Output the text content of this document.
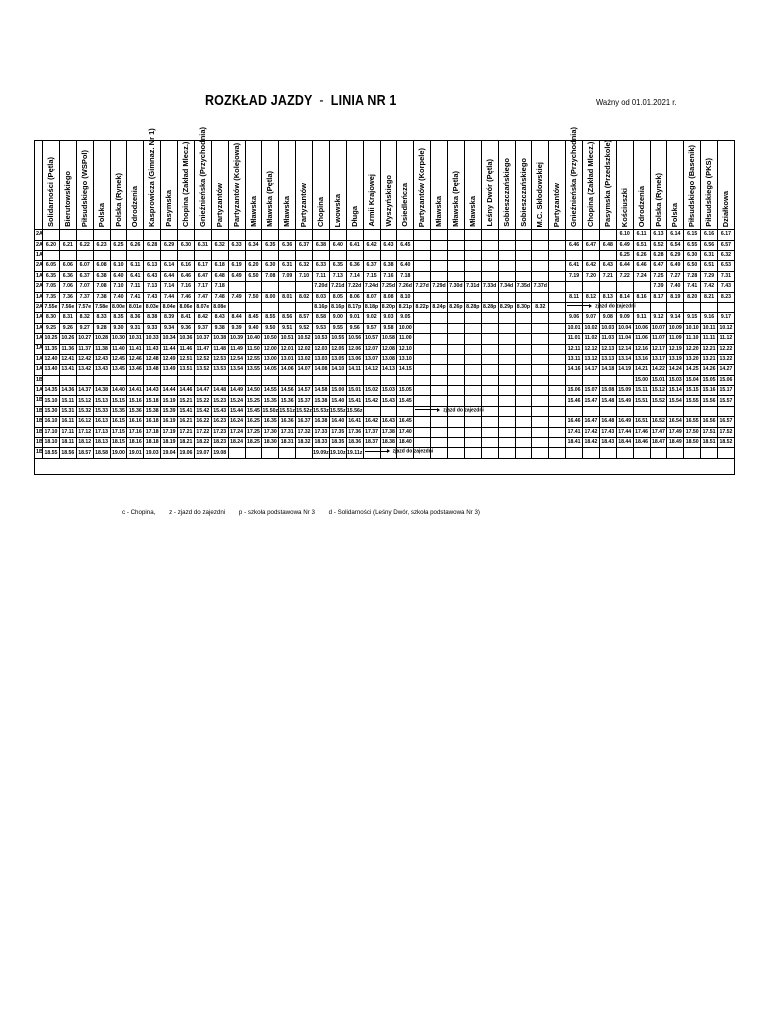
ROZKŁAD JAZDY - LINIA NR 1	Ważny od 01.01.2021 r.
	Solidarności (Pętla)	Bierutowskiego	Piłsudskiego (WSPol)	Polska	Polska (Rynek)	Odrodzenia	Kasprowicza (Gimnaz. Nr 1)	Pasymska	Chopina (Zakład Mlecz.)	Gnieźnieńska (Przychodnia)	Partyzantów	Partyzantów (Kolejowa)	Mławska	Mławska (Pętla)	Mławska	Partyzantów	Chopina	Lwowska	Długa	Armii Krajowej	Wyszyńskiego	Osiedleńcza	Partyzantów (Korpele)	Mławska	Mławska (Pętla)	Mławska	Leśny Dwór (Pętla)	Sobieszczańskiego	Sobieszczańskiego	M.C. Skłodowskiej	Partyzantów	Gnieźnieńska (Przychodnia)	Chopina (Zakład Mlecz.)	Pasymska (Przedszkole)	Kościuszki	Odrodzenia	Polska (Rynek)	Polska	Piłsudskiego (Basenik)	Piłsudskiego (PKS)	Działkowa
2A																																			6.10	6.11	6.13	6.14	6.15	6.16	6.17
2A	6.20	6.21	6.22	6.23	6.25	6.26	6.28	6.29	6.30	6.31	6.32	6.33	6.34	6.35	6.36	6.37	6.38	6.40	6.41	6.42	6.43	6.45										6.46	6.47	6.48	6.49	6.51	6.52	6.54	6.55	6.56	6.57
1A																																			6.25	6.26	6.28	6.29	6.30	6.31	6.32
2A	6.05	6.06	6.07	6.08	6.10	6.11	6.13	6.14	6.16	6.17	6.18	6.19	6.20	6.30	6.31	6.32	6.33	6.35	6.36	6.37	6.38	6.40										6.41	6.42	6.43	6.44	6.46	6.47	6.49	6.50	6.51	6.53
1A	6.35	6.36	6.37	6.38	6.40	6.41	6.43	6.44	6.46	6.47	6.48	6.49	6.50	7.08	7.09	7.10	7.11	7.13	7.14	7.15	7.16	7.18										7.19	7.20	7.21	7.22	7.24	7.25	7.27	7.28	7.29	7.31
2A	7.05	7.06	7.07	7.08	7.10	7.11	7.13	7.14	7.16	7.17	7.18						7.20d	7.21d	7.22d	7.24d	7.25d	7.26d	7.27d	7.29d	7.30d	7.31d	7.33d	7.34d	7.35d	7.37d							7.39	7.40	7.41	7.42	7.43
1A	7.35	7.36	7.37	7.38	7.40	7.41	7.43	7.44	7.46	7.47	7.48	7.49	7.50	8.00	8.01	8.02	8.03	8.05	8.06	8.07	8.08	8.10										8.11	8.12	8.13	8.14	8.16	8.17	8.19	8.20	8.21	8.23
2A	7.55e	7.56e	7.57e	7.58e	8.00e	8.01e	8.03e	8.04e	8.06e	8.07e	8.08e						8.16p	8.16p	8.17p	8.18p	8.20p	8.21p	8.22p	8.24p	8.26p	8.28p	8.28p	8.29p	8.30p	8.32		zjazd do zajezdni									

1A	8.30	8.31	8.32	8.33	8.35	8.36	8.38	8.39	8.41	8.42	8.43	8.44	8.45	8.55	8.56	8.57	8.58	9.00	9.01	9.02	9.03	9.05										9.06	9.07	9.08	9.09	9.11	9.12	9.14	9.15	9.16	9.17
1A	9.25	9.26	9.27	9.28	9.30	9.31	9.33	9.34	9.36	9.37	9.38	9.39	9.40	9.50	9.51	9.52	9.53	9.55	9.56	9.57	9.58	10.00										10.01	10.02	10.03	10.04	10.06	10.07	10.09	10.10	10.11	10.12
1A	10.25	10.26	10.27	10.28	10.30	10.31	10.33	10.34	10.36	10.37	10.38	10.39	10.40	10.50	10.51	10.52	10.53	10.55	10.56	10.57	10.58	11.00										11.01	11.02	11.03	11.04	11.06	11.07	11.09	11.10	11.11	11.12
1A	11.35	11.36	11.37	11.38	11.40	11.41	11.43	11.44	11.46	11.47	11.48	11.49	11.50	12.00	12.01	12.02	12.03	12.05	12.06	12.07	12.08	12.10										12.11	12.12	12.13	12.14	12.16	12.17	12.19	12.20	12.21	12.22
1A	12.40	12.41	12.42	12.43	12.45	12.46	12.48	12.49	12.51	12.52	12.53	12.54	12.55	13.00	13.01	13.02	13.03	13.05	13.06	13.07	13.08	13.10										13.11	13.12	13.13	13.14	13.16	13.17	13.19	13.20	13.21	13.22
1A	13.40	13.41	13.42	13.43	13.45	13.46	13.48	13.49	13.51	13.52	13.53	13.54	13.55	14.05	14.06	14.07	14.08	14.10	14.11	14.12	14.13	14.15										14.16	14.17	14.18	14.19	14.21	14.22	14.24	14.25	14.26	14.27
1B																																				15.00	15.01	15.03	15.04	15.05	15.06
1A	14.35	14.36	14.37	14.38	14.40	14.41	14.43	14.44	14.46	14.47	14.48	14.49	14.50	14.55	14.56	14.57	14.58	15.00	15.01	15.02	15.03	15.05										15.06	15.07	15.08	15.09	15.11	15.12	15.14	15.15	15.16	15.17
1B	15.10	15.11	15.12	15.13	15.15	15.16	15.18	15.19	15.21	15.22	15.23	15.24	15.25	15.35	15.36	15.37	15.38	15.40	15.41	15.42	15.43	15.45										15.46	15.47	15.48	15.49	15.51	15.52	15.54	15.55	15.56	15.57
1B	15.30	15.31	15.32	15.33	15.35	15.36	15.38	15.39	15.41	15.42	15.43	15.44	15.45	15.50z	15.51z	15.52z	15.53z	15.55z	15.56z				zjazd do zajezdni																		

1B	16.10	16.11	16.12	16.13	16.15	16.16	16.18	16.19	16.21	16.22	16.23	16.24	16.25	16.35	16.36	16.37	16.38	16.40	16.41	16.42	16.43	16.45										16.46	16.47	16.48	16.49	16.51	16.52	16.54	16.55	16.56	16.57
1B	17.10	17.11	17.12	17.13	17.15	17.16	17.18	17.19	17.21	17.22	17.23	17.24	17.25	17.30	17.31	17.32	17.33	17.35	17.36	17.37	17.38	17.40										17.41	17.42	17.43	17.44	17.46	17.47	17.49	17.50	17.51	17.52
1B	18.10	18.11	18.12	18.13	18.15	18.16	18.18	18.19	18.21	18.22	18.23	18.24	18.25	18.30	18.31	18.32	18.33	18.35	18.36	18.37	18.38	18.40										18.41	18.42	18.43	18.44	18.46	18.47	18.49	18.50	18.51	18.52
1B	18.55	18.56	18.57	18.58	19.00	19.01	19.03	19.04	19.06	19.07	19.08						19.09z	19.10z	19.11z	zjazd do zajezdni																					

c - Chopina, z - zjazd do zajezdni p - szkoła podstawowa Nr 3 d - Solidarności (Leśny Dwór, szkoła podstawowa Nr 3)
